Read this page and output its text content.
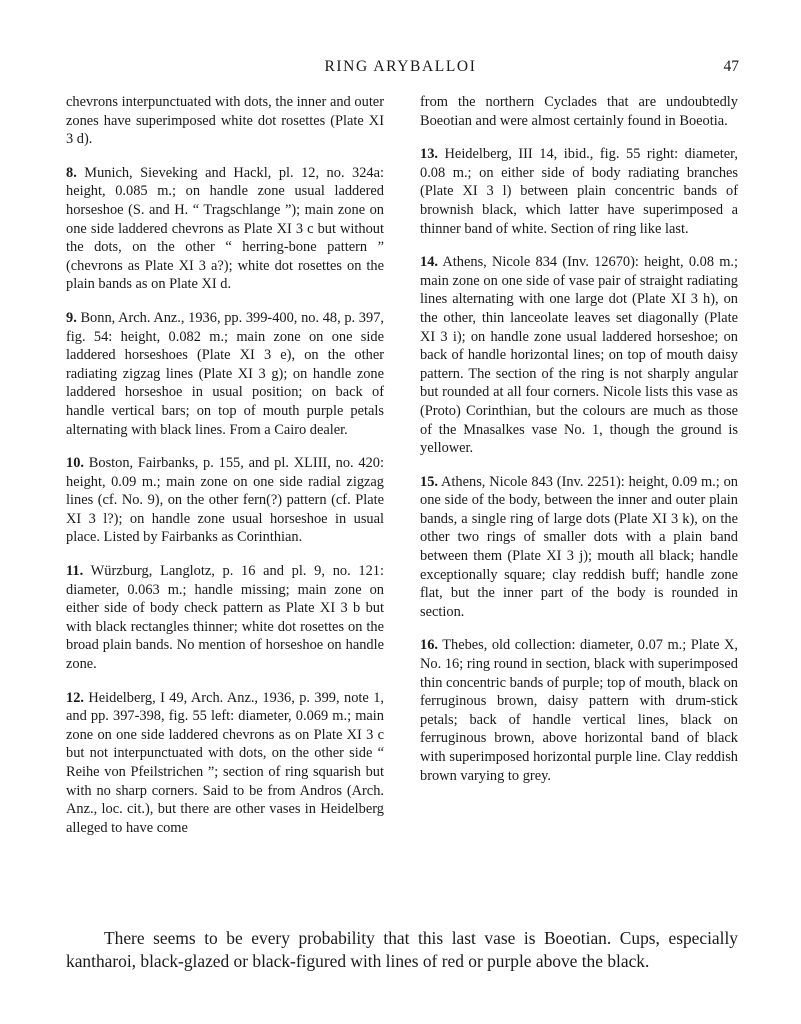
RING ARYBALLOI	47

chevrons interpunctuated with dots, the inner and outer zones have superimposed white dot rosettes (Plate XI 3 d).

8. Munich, Sieveking and Hackl, pl. 12, no. 324a: height, 0.085 m.; on handle zone usual laddered horseshoe (S. and H. “ Tragschlange ”); main zone on one side laddered chevrons as Plate XI 3 c but without the dots, on the other “ herring-bone pattern ” (chevrons as Plate XI 3 a?); white dot rosettes on the plain bands as on Plate XI d.

9. Bonn, Arch. Anz., 1936, pp. 399-400, no. 48, p. 397, fig. 54: height, 0.082 m.; main zone on one side laddered horseshoes (Plate XI 3 e), on the other radiating zigzag lines (Plate XI 3 g); on handle zone laddered horseshoe in usual position; on back of handle vertical bars; on top of mouth purple petals alternating with black lines. From a Cairo dealer.

10. Boston, Fairbanks, p. 155, and pl. XLIII, no. 420: height, 0.09 m.; main zone on one side radial zigzag lines (cf. No. 9), on the other fern(?) pattern (cf. Plate XI 3 l?); on handle zone usual horseshoe in usual place. Listed by Fairbanks as Corinthian.

11. Würzburg, Langlotz, p. 16 and pl. 9, no. 121: diameter, 0.063 m.; handle missing; main zone on either side of body check pattern as Plate XI 3 b but with black rectangles thinner; white dot rosettes on the broad plain bands. No mention of horseshoe on handle zone.

12. Heidelberg, I 49, Arch. Anz., 1936, p. 399, note 1, and pp. 397-398, fig. 55 left: diameter, 0.069 m.; main zone on one side laddered chevrons as on Plate XI 3 c but not interpunctuated with dots, on the other side “ Reihe von Pfeilstrichen ”; section of ring squarish but with no sharp corners. Said to be from Andros (Arch. Anz., loc. cit.), but there are other vases in Heidelberg alleged to have come

from the northern Cyclades that are undoubtedly Boeotian and were almost certainly found in Boeotia.

13. Heidelberg, III 14, ibid., fig. 55 right: diameter, 0.08 m.; on either side of body radiating branches (Plate XI 3 l) between plain concentric bands of brownish black, which latter have superimposed a thinner band of white. Section of ring like last.

14. Athens, Nicole 834 (Inv. 12670): height, 0.08 m.; main zone on one side of vase pair of straight radiating lines alternating with one large dot (Plate XI 3 h), on the other, thin lanceolate leaves set diagonally (Plate XI 3 i); on handle zone usual laddered horseshoe; on back of handle horizontal lines; on top of mouth daisy pattern. The section of the ring is not sharply angular but rounded at all four corners. Nicole lists this vase as (Proto) Corinthian, but the colours are much as those of the Mnasalkes vase No. 1, though the ground is yellower.

15. Athens, Nicole 843 (Inv. 2251): height, 0.09 m.; on one side of the body, between the inner and outer plain bands, a single ring of large dots (Plate XI 3 k), on the other two rings of smaller dots with a plain band between them (Plate XI 3 j); mouth all black; handle exceptionally square; clay reddish buff; handle zone flat, but the inner part of the body is rounded in section.

16. Thebes, old collection: diameter, 0.07 m.; Plate X, No. 16; ring round in section, black with superimposed thin concentric bands of purple; top of mouth, black on ferruginous brown, daisy pattern with drum-stick petals; back of handle vertical lines, black on ferruginous brown, above horizontal band of black with superimposed horizontal purple line. Clay reddish brown varying to grey.

There seems to be every probability that this last vase is Boeotian. Cups, especially kantharoi, black-glazed or black-figured with lines of red or purple above the black.
